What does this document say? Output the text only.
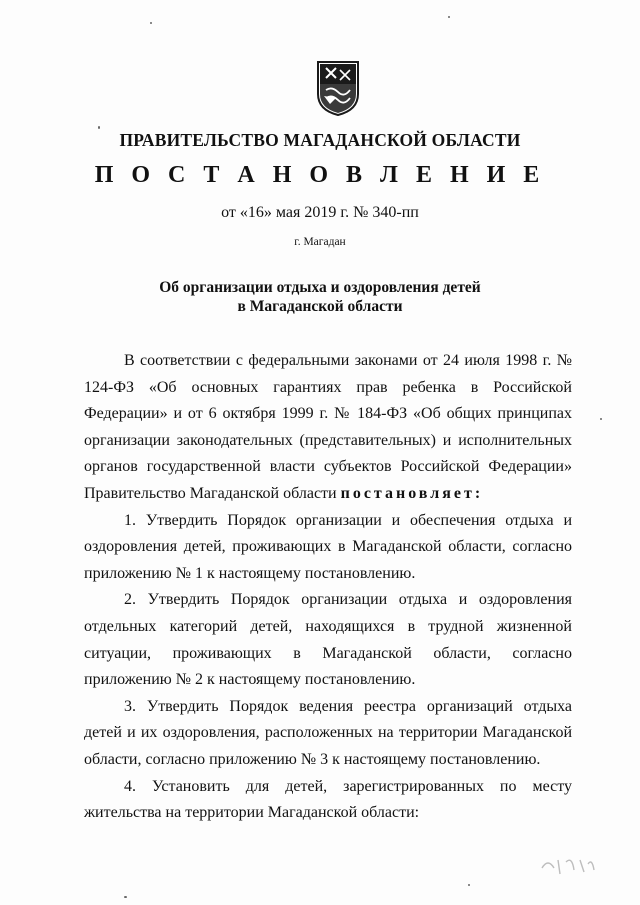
ПРАВИТЕЛЬСТВО МАГАДАНСКОЙ ОБЛАСТИ
П О С Т А Н О В Л Е Н И Е
от «16» мая 2019 г. № 340-пп
г. Магадан
Об организации отдыха и оздоровления детей
в Магаданской области

В соответствии с федеральными законами от 24 июля 1998 г. № 124-ФЗ «Об основных гарантиях прав ребенка в Российской Федерации» и от 6 октября 1999 г. № 184-ФЗ «Об общих принципах организации законодательных (представительных) и исполнительных органов государственной власти субъектов Российской Федерации» Правительство Магаданской области постановляет:

1. Утвердить Порядок организации и обеспечения отдыха и оздоровления детей, проживающих в Магаданской области, согласно приложению № 1 к настоящему постановлению.

2. Утвердить Порядок организации отдыха и оздоровления отдельных категорий детей, находящихся в трудной жизненной ситуации, проживающих в Магаданской области, согласно приложению № 2 к настоящему постановлению.

3. Утвердить Порядок ведения реестра организаций отдыха детей и их оздоровления, расположенных на территории Магаданской области, согласно приложению № 3 к настоящему постановлению.

4. Установить для детей, зарегистрированных по месту жительства на территории Магаданской области:
